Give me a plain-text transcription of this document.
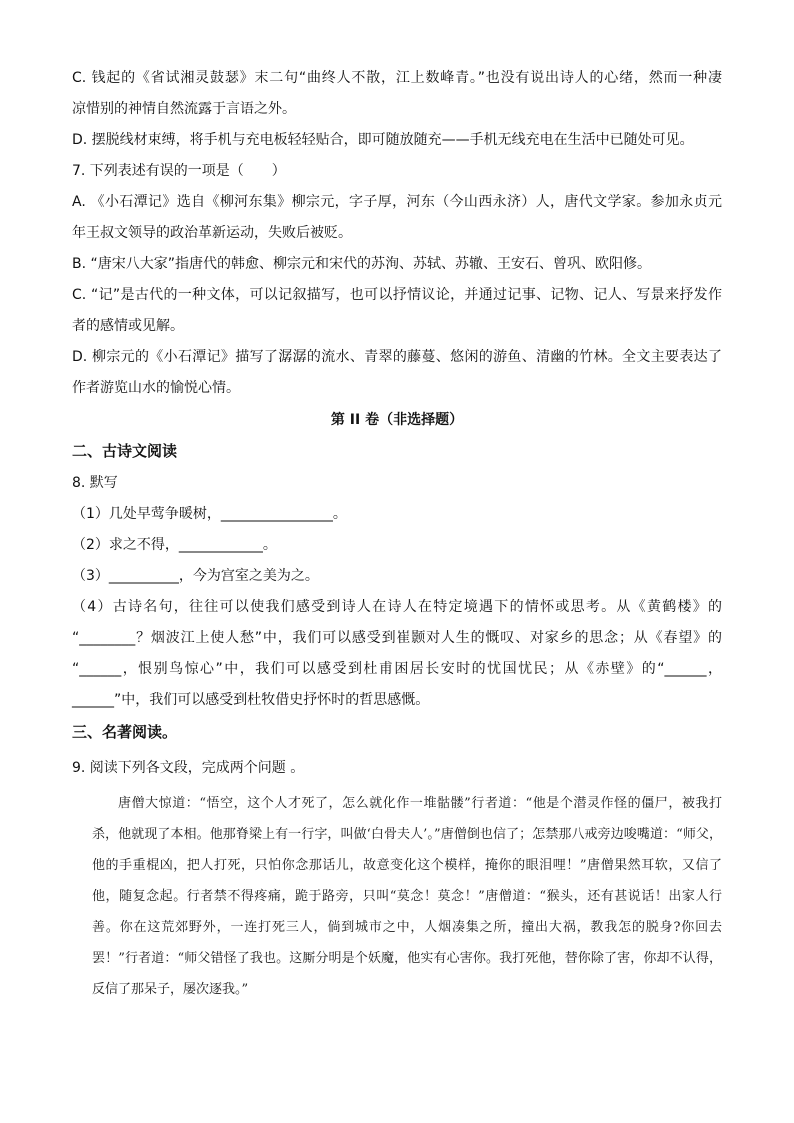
C. 钱起的《省试湘灵鼓瑟》末二句“曲终人不散，江上数峰青。”也没有说出诗人的心绪，然而一种凄
凉惜别的神情自然流露于言语之外。
D. 摆脱线材束缚，将手机与充电板轻轻贴合，即可随放随充——手机无线充电在生活中已随处可见。
7. 下列表述有误的一项是（　　）
A. 《小石潭记》选自《柳河东集》柳宗元，字子厚，河东（今山西永济）人，唐代文学家。参加永贞元
年王叔文领导的政治革新运动，失败后被贬。
B. “唐宋八大家”指唐代的韩愈、柳宗元和宋代的苏洵、苏轼、苏辙、王安石、曾巩、欧阳修。
C. “记”是古代的一种文体，可以记叙描写，也可以抒情议论，并通过记事、记物、记人、写景来抒发作
者的感情或见解。
D. 柳宗元的《小石潭记》描写了潺潺的流水、青翠的藤蔓、悠闲的游鱼、清幽的竹林。全文主要表达了
作者游览山水的愉悦心情。
第 II 卷（非选择题）
二、古诗文阅读
8. 默写
（1）几处早莺争暖树，________________。
（2）求之不得，____________。
（3）__________，今为宫室之美为之。
（4）古诗名句，往往可以使我们感受到诗人在诗人在特定境遇下的情怀或思考。从《黄鹤楼》的
“________？烟波江上使人愁”中，我们可以感受到崔颢对人生的慨叹、对家乡的思念；从《春望》的
“______，恨别鸟惊心”中，我们可以感受到杜甫困居长安时的忧国忧民；从《赤壁》的“______，
______”中，我们可以感受到杜牧借史抒怀时的哲思感慨。
三、名著阅读。
9. 阅读下列各文段，完成两个问题 。

唐僧大惊道：“悟空，这个人才死了，怎么就化作一堆骷髅”行者道：“他是个潜灵作怪的僵尸，被我打杀，他就现了本相。他那脊梁上有一行字，叫做‘白骨夫人’。”唐僧倒也信了；怎禁那八戒旁边唆嘴道：“师父，他的手重棍凶，把人打死，只怕你念那话儿，故意变化这个模样，掩你的眼泪哩！”唐僧果然耳软，又信了他，随复念起。行者禁不得疼痛，跪于路旁，只叫“莫念！莫念！”唐僧道：“猴头，还有甚说话！出家人行善。你在这荒郊野外，一连打死三人，倘到城市之中，人烟凑集之所，撞出大祸，教我怎的脱身?你回去罢！”行者道：“师父错怪了我也。这厮分明是个妖魔，他实有心害你。我打死他，替你除了害，你却不认得，反信了那呆子，屡次逐我。”
